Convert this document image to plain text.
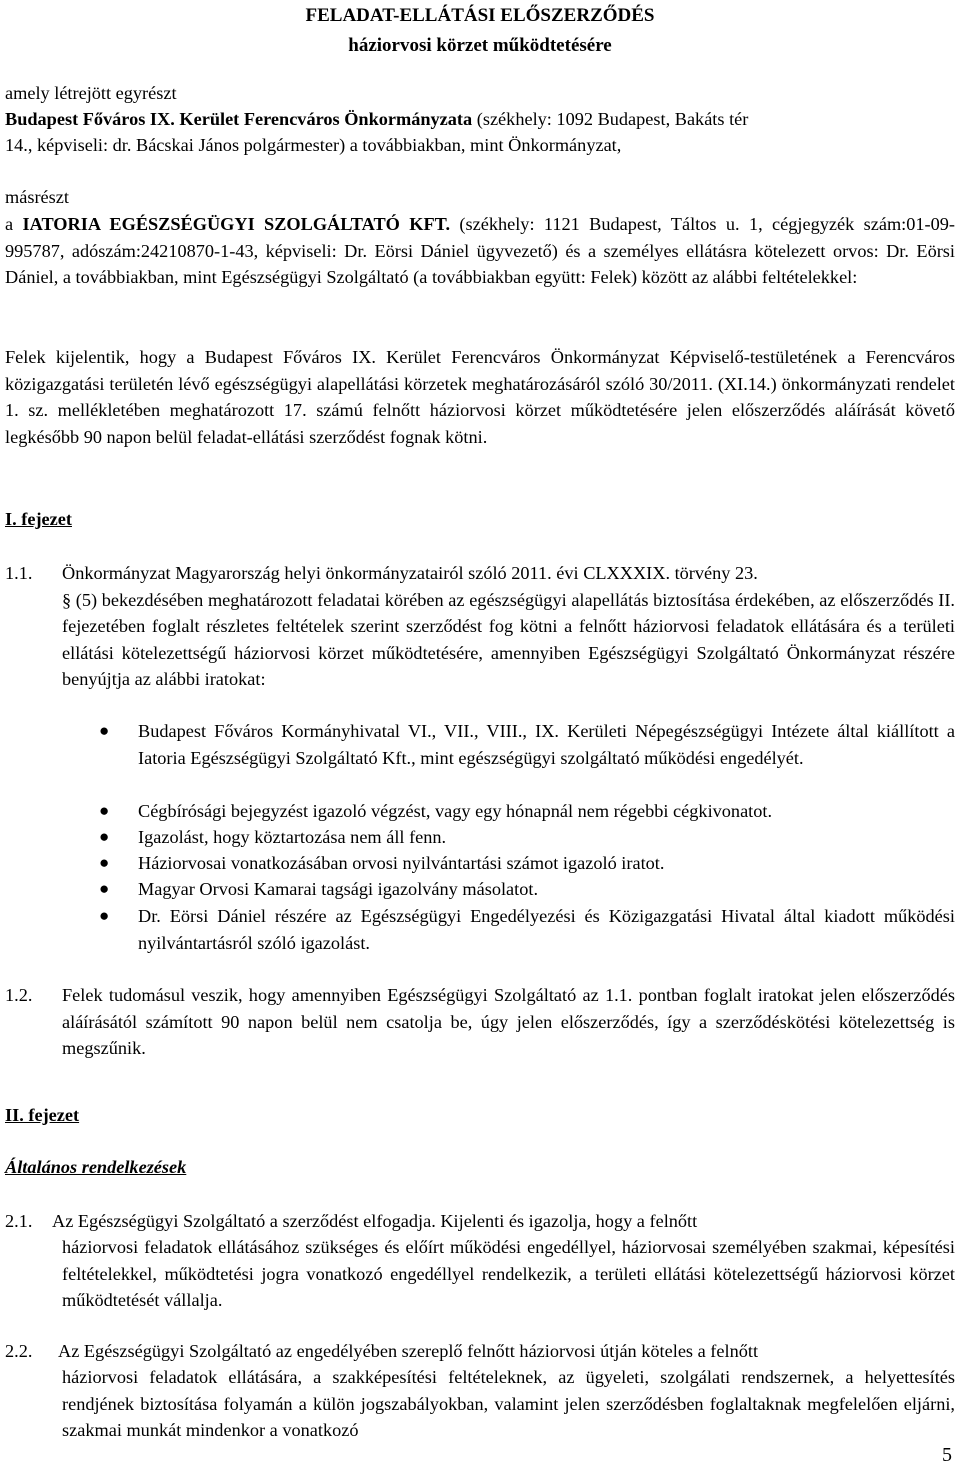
FELADAT-ELLÁTÁSI ELŐSZERZŐDÉS
háziorvosi körzet működtetésére
amely létrejött egyrészt
Budapest Főváros IX. Kerület Ferencváros Önkormányzata (székhely: 1092 Budapest, Bakáts tér
14., képviseli: dr. Bácskai János polgármester) a továbbiakban, mint Önkormányzat,
másrészt
a IATORIA EGÉSZSÉGÜGYI SZOLGÁLTATÓ KFT. (székhely: 1121 Budapest, Táltos u. 1, cégjegyzék szám:01-09-995787, adószám:24210870-1-43, képviseli: Dr. Eörsi Dániel ügyvezető) és a személyes ellátásra kötelezett orvos: Dr. Eörsi Dániel, a továbbiakban, mint Egészségügyi Szolgáltató (a továbbiakban együtt: Felek) között az alábbi feltételekkel:
Felek kijelentik, hogy a Budapest Főváros IX. Kerület Ferencváros Önkormányzat Képviselő-testületének a Ferencváros közigazgatási területén lévő egészségügyi alapellátási körzetek meghatározásáról szóló 30/2011. (XI.14.) önkormányzati rendelet 1. sz. mellékletében meghatározott 17. számú felnőtt háziorvosi körzet működtetésére jelen előszerződés aláírását követő legkésőbb 90 napon belül feladat-ellátási szerződést fognak kötni.
I. fejezet
1.1. Önkormányzat Magyarország helyi önkormányzatairól szóló 2011. évi CLXXXIX. törvény 23.
§ (5) bekezdésében meghatározott feladatai körében az egészségügyi alapellátás biztosítása érdekében, az előszerződés II. fejezetében foglalt részletes feltételek szerint szerződést fog kötni a felnőtt háziorvosi feladatok ellátására és a területi ellátási kötelezettségű háziorvosi körzet működtetésére, amennyiben Egészségügyi Szolgáltató Önkormányzat részére benyújtja az alábbi iratokat:
● Budapest Főváros Kormányhivatal VI., VII., VIII., IX. Kerületi Népegészségügyi Intézete által kiállított a Iatoria Egészségügyi Szolgáltató Kft., mint egészségügyi szolgáltató működési engedélyét.
● Cégbírósági bejegyzést igazoló végzést, vagy egy hónapnál nem régebbi cégkivonatot.
● Igazolást, hogy köztartozása nem áll fenn.
● Háziorvosai vonatkozásában orvosi nyilvántartási számot igazoló iratot.
● Magyar Orvosi Kamarai tagsági igazolvány másolatot.
● Dr. Eörsi Dániel részére az Egészségügyi Engedélyezési és Közigazgatási Hivatal által kiadott működési nyilvántartásról szóló igazolást.
1.2. Felek tudomásul veszik, hogy amennyiben Egészségügyi Szolgáltató az 1.1. pontban foglalt iratokat jelen előszerződés aláírásától számított 90 napon belül nem csatolja be, úgy jelen előszerződés, így a szerződéskötési kötelezettség is megszűnik.
II. fejezet
Általános rendelkezések
2.1. Az Egészségügyi Szolgáltató a szerződést elfogadja. Kijelenti és igazolja, hogy a felnőtt
háziorvosi feladatok ellátásához szükséges és előírt működési engedéllyel, háziorvosai személyében szakmai, képesítési feltételekkel, működtetési jogra vonatkozó engedéllyel rendelkezik, a területi ellátási kötelezettségű háziorvosi körzet működtetését vállalja.
2.2. Az Egészségügyi Szolgáltató az engedélyében szereplő felnőtt háziorvosi útján köteles a felnőtt
háziorvosi feladatok ellátására, a szakképesítési feltételeknek, az ügyeleti, szolgálati rendszernek, a helyettesítés rendjének biztosítása folyamán a külön jogszabályokban, valamint jelen szerződésben foglaltaknak megfelelően eljárni, szakmai munkát mindenkor a vonatkozó
5
